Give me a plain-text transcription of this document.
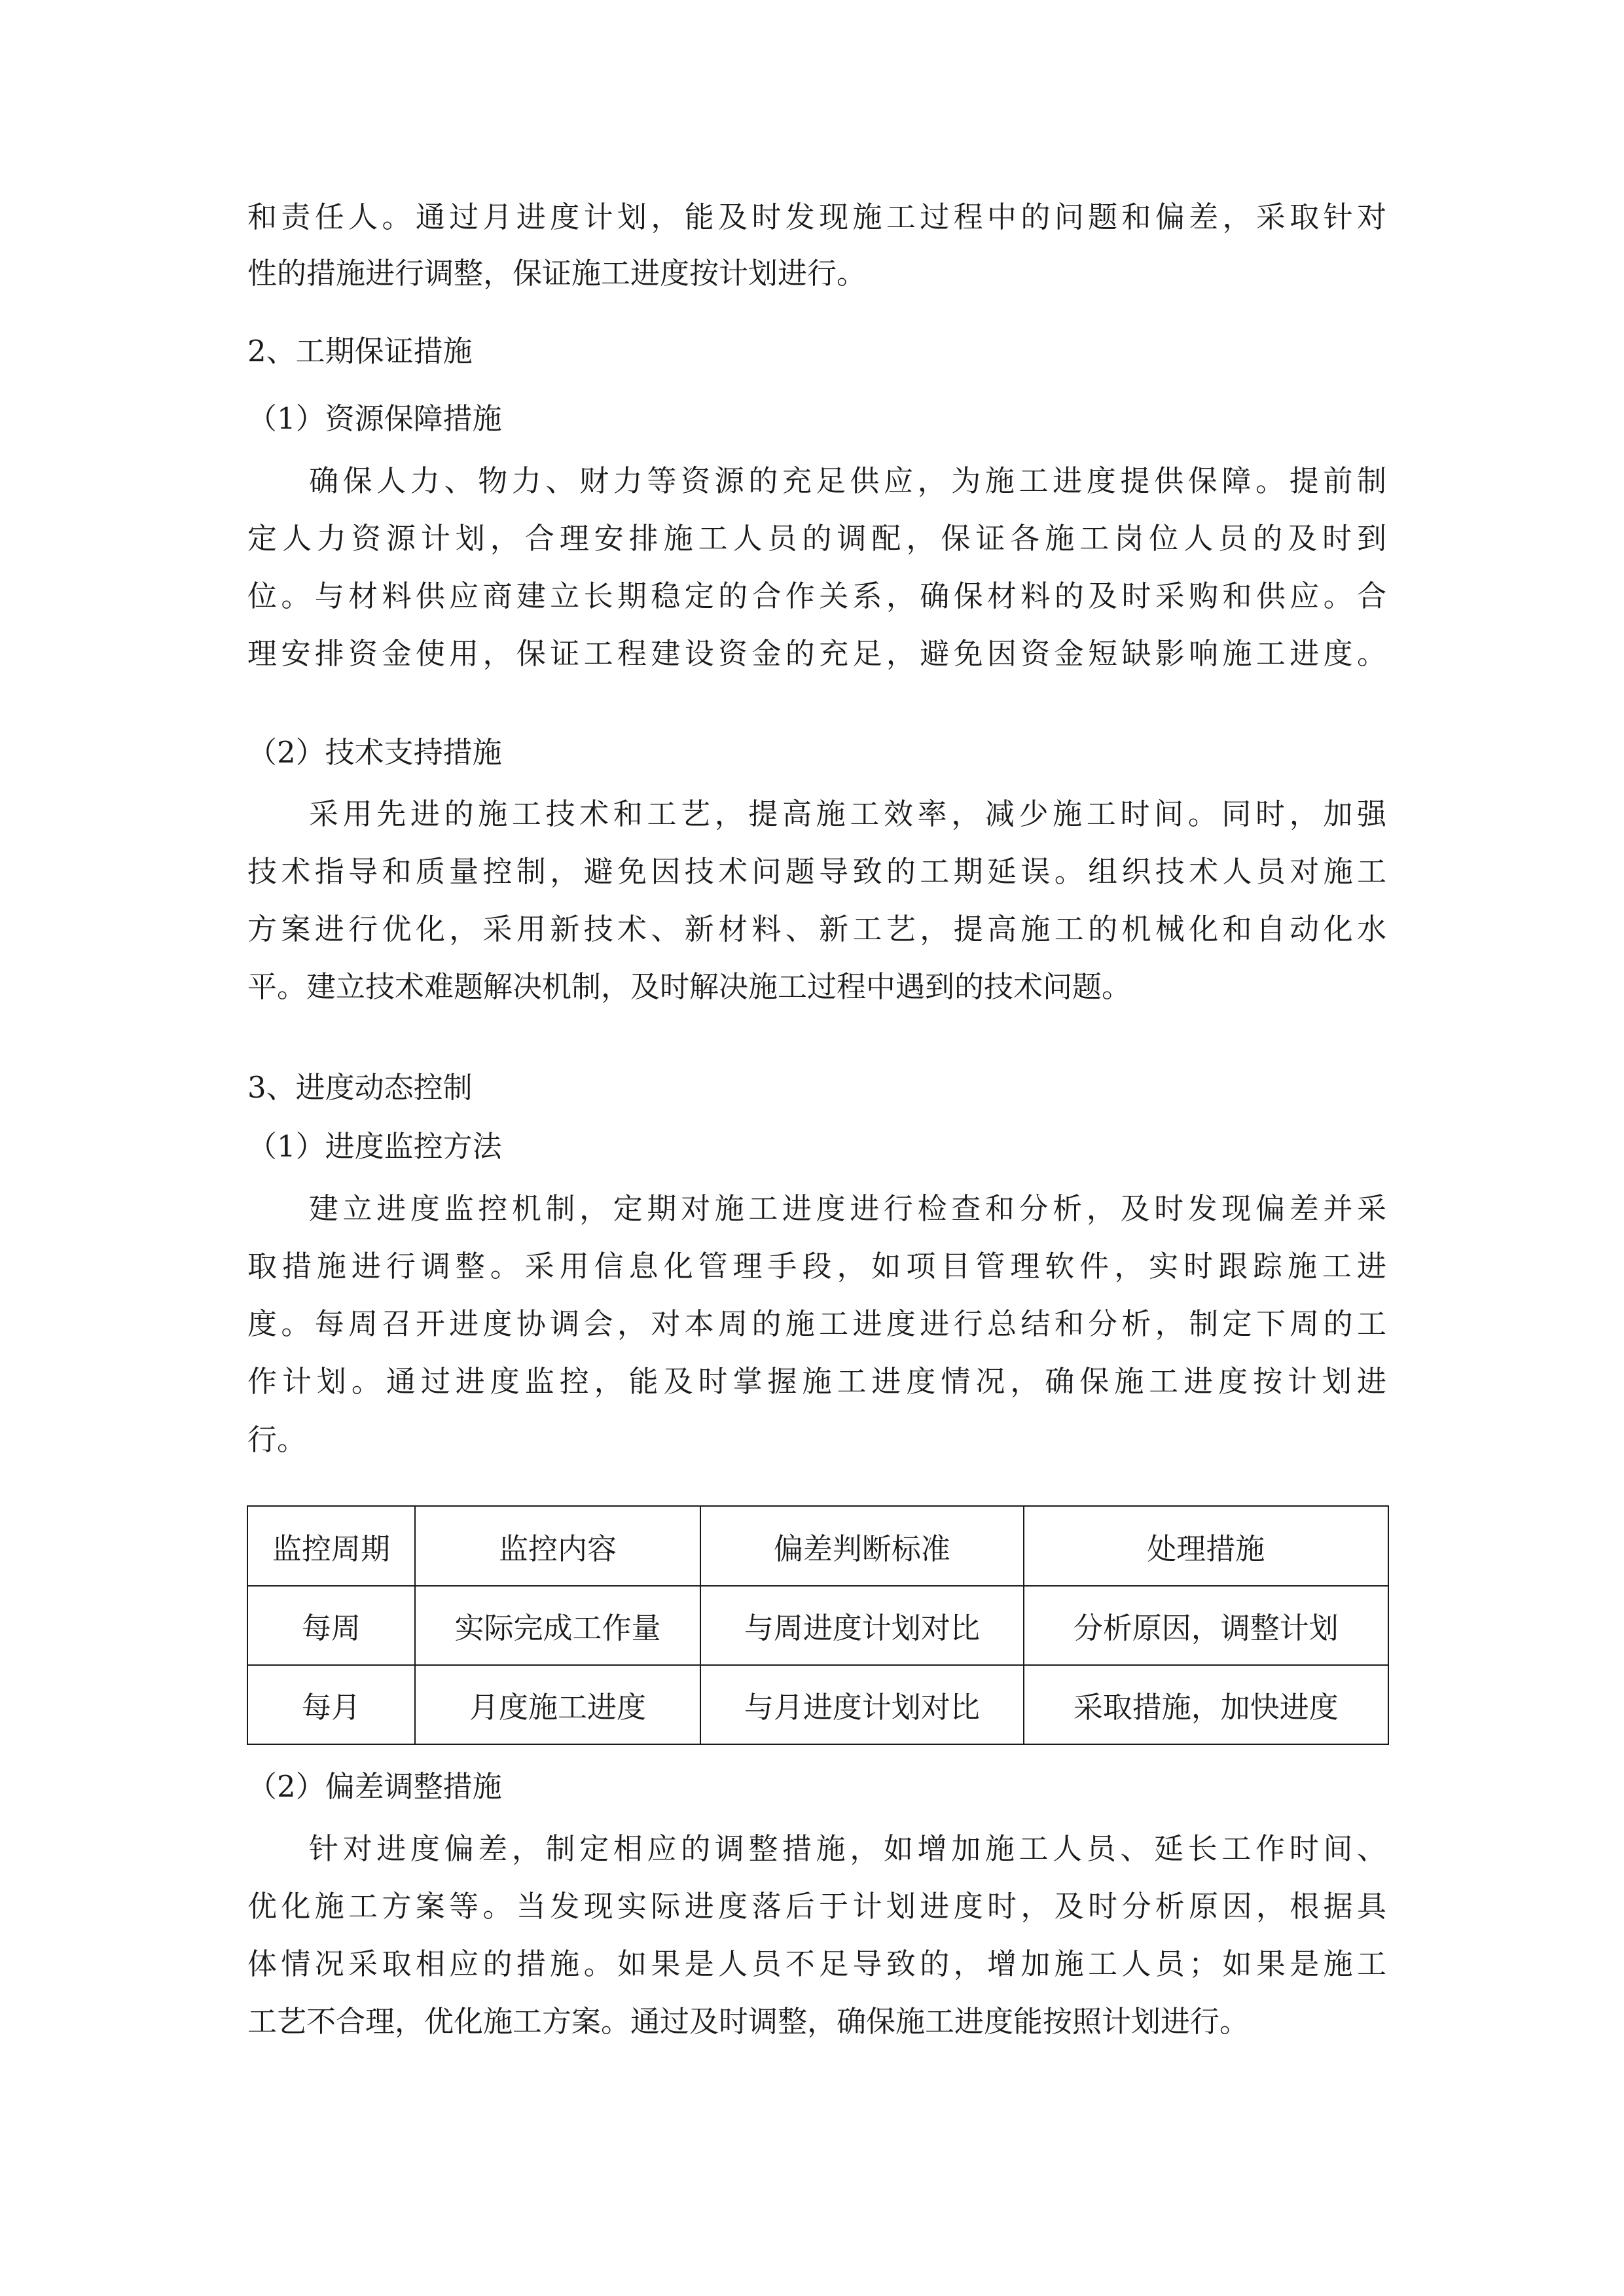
和责任人。通过月进度计划，能及时发现施工过程中的问题和偏差，采取针对
性的措施进行调整，保证施工进度按计划进行。
2、工期保证措施
（1）资源保障措施
确保人力、物力、财力等资源的充足供应，为施工进度提供保障。提前制
定人力资源计划，合理安排施工人员的调配，保证各施工岗位人员的及时到
位。与材料供应商建立长期稳定的合作关系，确保材料的及时采购和供应。合
理安排资金使用，保证工程建设资金的充足，避免因资金短缺影响施工进度。
（2）技术支持措施
采用先进的施工技术和工艺，提高施工效率，减少施工时间。同时，加强
技术指导和质量控制，避免因技术问题导致的工期延误。组织技术人员对施工
方案进行优化，采用新技术、新材料、新工艺，提高施工的机械化和自动化水
平。建立技术难题解决机制，及时解决施工过程中遇到的技术问题。
3、进度动态控制
（1）进度监控方法
建立进度监控机制，定期对施工进度进行检查和分析，及时发现偏差并采
取措施进行调整。采用信息化管理手段，如项目管理软件，实时跟踪施工进
度。每周召开进度协调会，对本周的施工进度进行总结和分析，制定下周的工
作计划。通过进度监控，能及时掌握施工进度情况，确保施工进度按计划进
行。
监控周期	监控内容	偏差判断标准	处理措施
每周	实际完成工作量	与周进度计划对比	分析原因，调整计划
每月	月度施工进度	与月进度计划对比	采取措施，加快进度
（2）偏差调整措施
针对进度偏差，制定相应的调整措施，如增加施工人员、延长工作时间、
优化施工方案等。当发现实际进度落后于计划进度时，及时分析原因，根据具
体情况采取相应的措施。如果是人员不足导致的，增加施工人员；如果是施工
工艺不合理，优化施工方案。通过及时调整，确保施工进度能按照计划进行。
